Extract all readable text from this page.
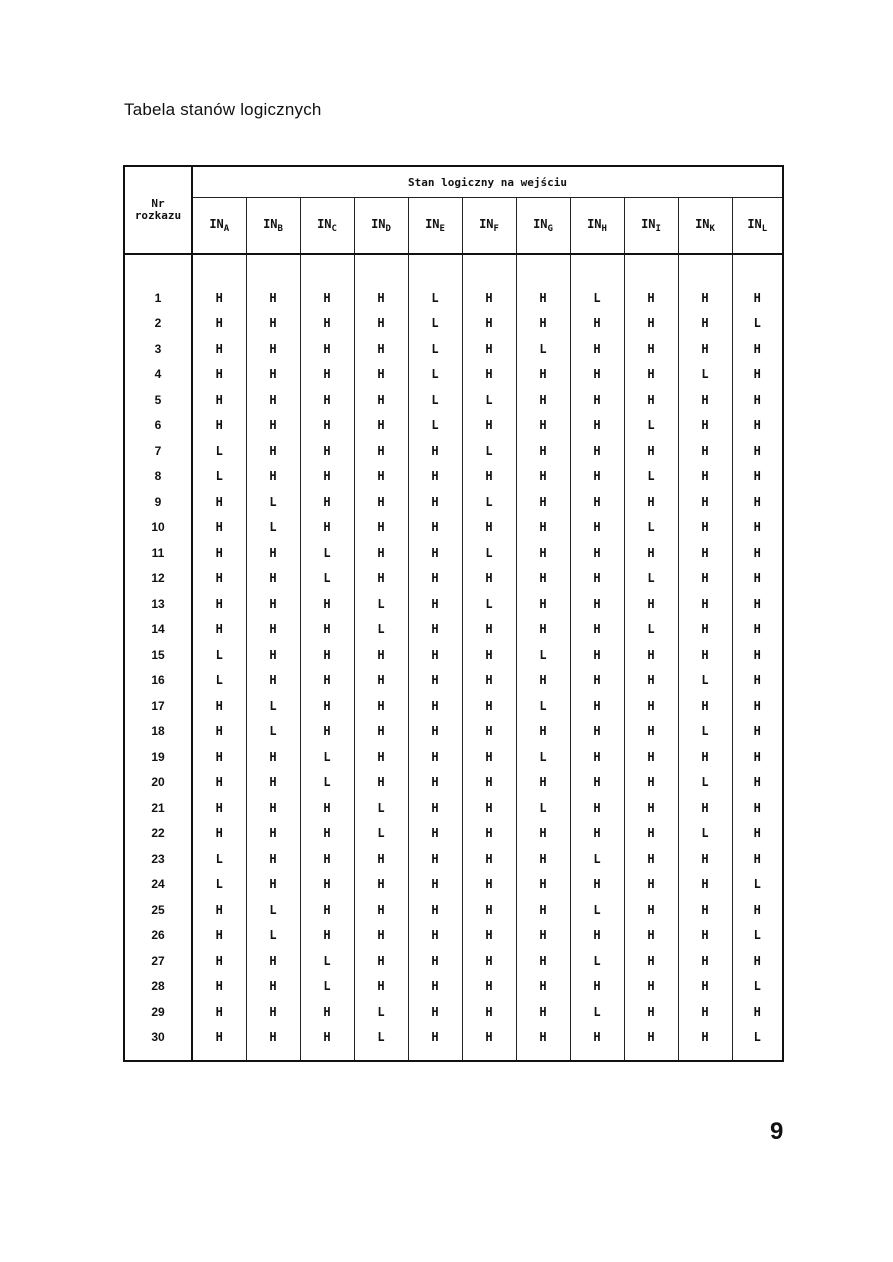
Tabela stanów logicznych
Nr
rozkazu	Stan logiczny na wejściu										
	$IN_A$	$IN_B$	$IN_C$	$IN_D$	$IN_E$	$IN_F$	$IN_G$	$IN_H$	$IN_I$	$IN_K$	$IN_L$

1	H	H	H	H	L	H	H	L	H	H	H
2	H	H	H	H	L	H	H	H	H	H	L
3	H	H	H	H	L	H	L	H	H	H	H
4	H	H	H	H	L	H	H	H	H	L	H
5	H	H	H	H	L	L	H	H	H	H	H
6	H	H	H	H	L	H	H	H	L	H	H
7	L	H	H	H	H	L	H	H	H	H	H
8	L	H	H	H	H	H	H	H	L	H	H
9	H	L	H	H	H	L	H	H	H	H	H
10	H	L	H	H	H	H	H	H	L	H	H
11	H	H	L	H	H	L	H	H	H	H	H
12	H	H	L	H	H	H	H	H	L	H	H
13	H	H	H	L	H	L	H	H	H	H	H
14	H	H	H	L	H	H	H	H	L	H	H
15	L	H	H	H	H	H	L	H	H	H	H
16	L	H	H	H	H	H	H	H	H	L	H
17	H	L	H	H	H	H	L	H	H	H	H
18	H	L	H	H	H	H	H	H	H	L	H
19	H	H	L	H	H	H	L	H	H	H	H
20	H	H	L	H	H	H	H	H	H	L	H
21	H	H	H	L	H	H	L	H	H	H	H
22	H	H	H	L	H	H	H	H	H	L	H
23	L	H	H	H	H	H	H	L	H	H	H
24	L	H	H	H	H	H	H	H	H	H	L
25	H	L	H	H	H	H	H	L	H	H	H
26	H	L	H	H	H	H	H	H	H	H	L
27	H	H	L	H	H	H	H	L	H	H	H
28	H	H	L	H	H	H	H	H	H	H	L
29	H	H	H	L	H	H	H	L	H	H	H
30	H	H	H	L	H	H	H	H	H	H	L

9
